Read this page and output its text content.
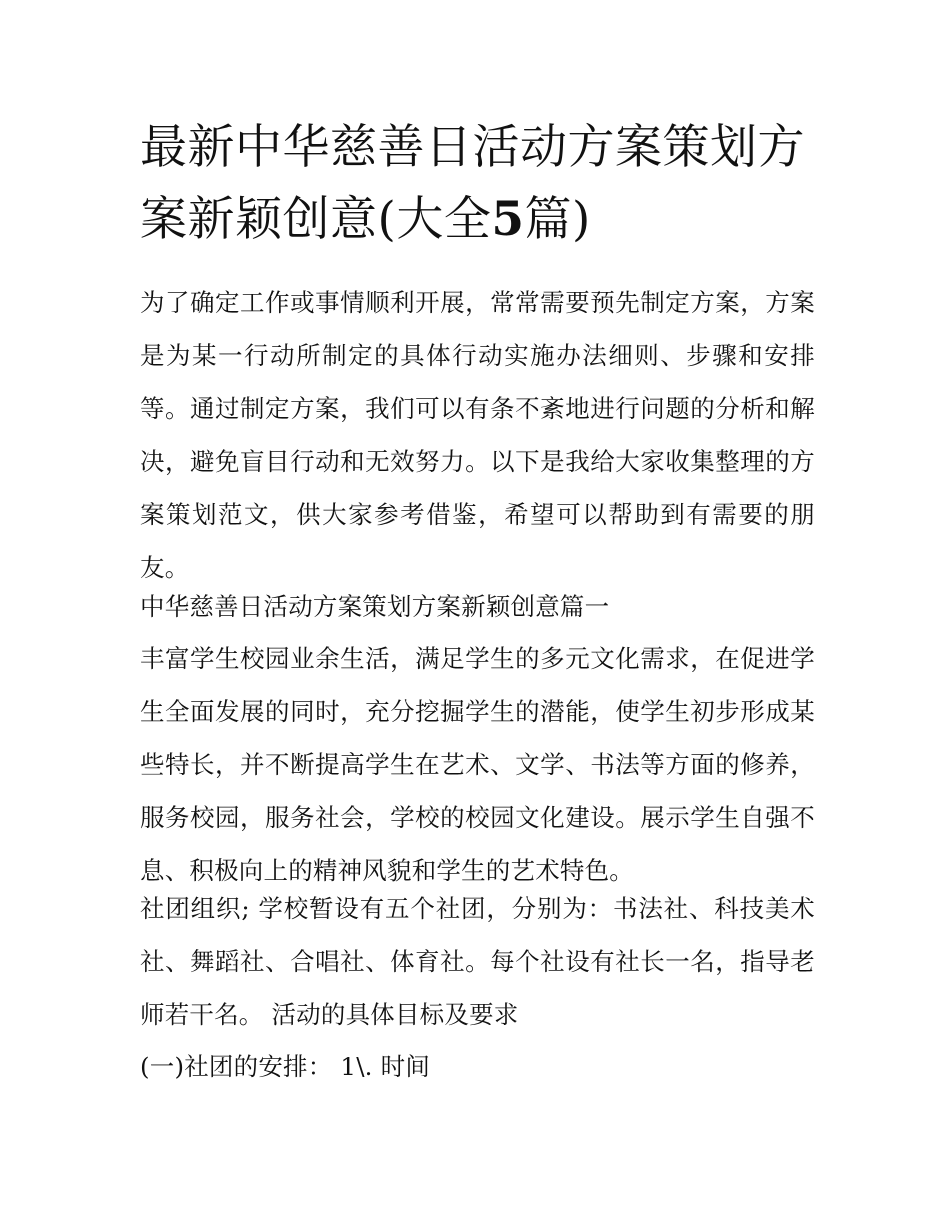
最新中华慈善日活动方案策划方案新颖创意(大全5篇)

为了确定工作或事情顺利开展，常常需要预先制定方案，方案是为某一行动所制定的具体行动实施办法细则、步骤和安排等。通过制定方案，我们可以有条不紊地进行问题的分析和解决，避免盲目行动和无效努力。以下是我给大家收集整理的方案策划范文，供大家参考借鉴，希望可以帮助到有需要的朋友。

中华慈善日活动方案策划方案新颖创意篇一

丰富学生校园业余生活，满足学生的多元文化需求，在促进学生全面发展的同时，充分挖掘学生的潜能，使学生初步形成某些特长，并不断提高学生在艺术、文学、书法等方面的修养，服务校园，服务社会，学校的校园文化建设。展示学生自强不息、积极向上的精神风貌和学生的艺术特色。

社团组织; 学校暂设有五个社团，分别为：书法社、科技美术社、舞蹈社、合唱社、体育社。每个社设有社长一名，指导老师若干名。 活动的具体目标及要求

(一)社团的安排： 1\. 时间
